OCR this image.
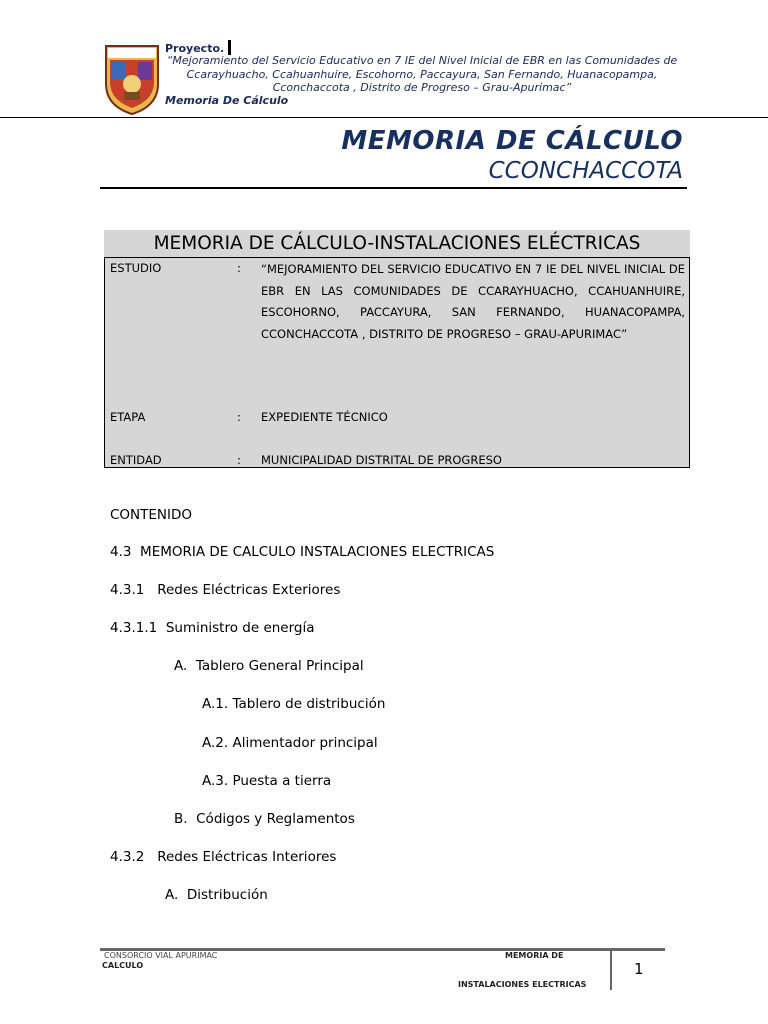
Proyecto.
“Mejoramiento del Servicio Educativo en 7 IE del Nivel Inicial de EBR en las Comunidades de Ccarayhuacho, Ccahuanhuire, Escohorno, Paccayura, San Fernando, Huanacopampa, Cconchaccota , Distrito de Progreso – Grau-Apurimac”
Memoria De Cálculo
MEMORIA DE CÁLCULO
CCONCHACCOTA
MEMORIA DE CÁLCULO-INSTALACIONES ELÉCTRICAS
ESTUDIO	: “MEJORAMIENTO DEL SERVICIO EDUCATIVO EN 7 IE DEL NIVEL INICIAL DE EBR EN LAS COMUNIDADES DE CCARAYHUACHO, CCAHUANHUIRE, ESCOHORNO, PACCAYURA, SAN FERNANDO, HUANACOPAMPA, CCONCHACCOTA , DISTRITO DE PROGRESO – GRAU-APURIMAC”
ETAPA	: EXPEDIENTE TÉCNICO
ENTIDAD	: MUNICIPALIDAD DISTRITAL DE PROGRESO
CONTENIDO
4.3  MEMORIA DE CALCULO INSTALACIONES ELECTRICAS
4.3.1   Redes Eléctricas Exteriores
4.3.1.1  Suministro de energía
A.  Tablero General Principal
A.1. Tablero de distribución
A.2. Alimentador principal
A.3. Puesta a tierra
B.  Códigos y Reglamentos
4.3.2   Redes Eléctricas Interiores
A.  Distribución
CONSORCIO VIAL APURIMAC
CALCULO
MEMORIA DE
INSTALACIONES ELECTRICAS
1
